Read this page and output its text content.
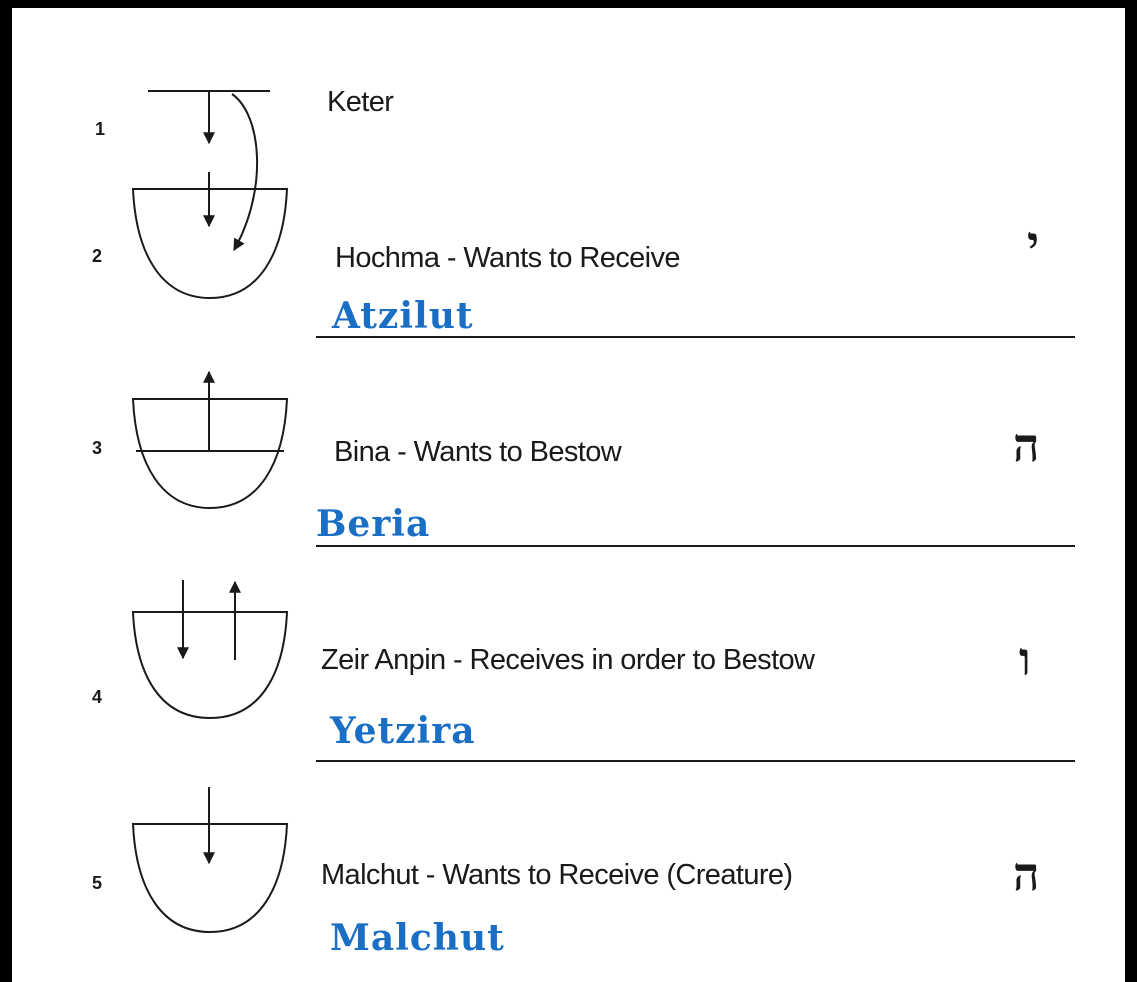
1
2
3
4
5
Keter
Hochma - Wants to Receive
Bina - Wants to Bestow
Zeir Anpin - Receives in order to Bestow
Malchut - Wants to Receive (Creature)
י
ה
ו
ה
Atzilut
Beria
Yetzira
Malchut
